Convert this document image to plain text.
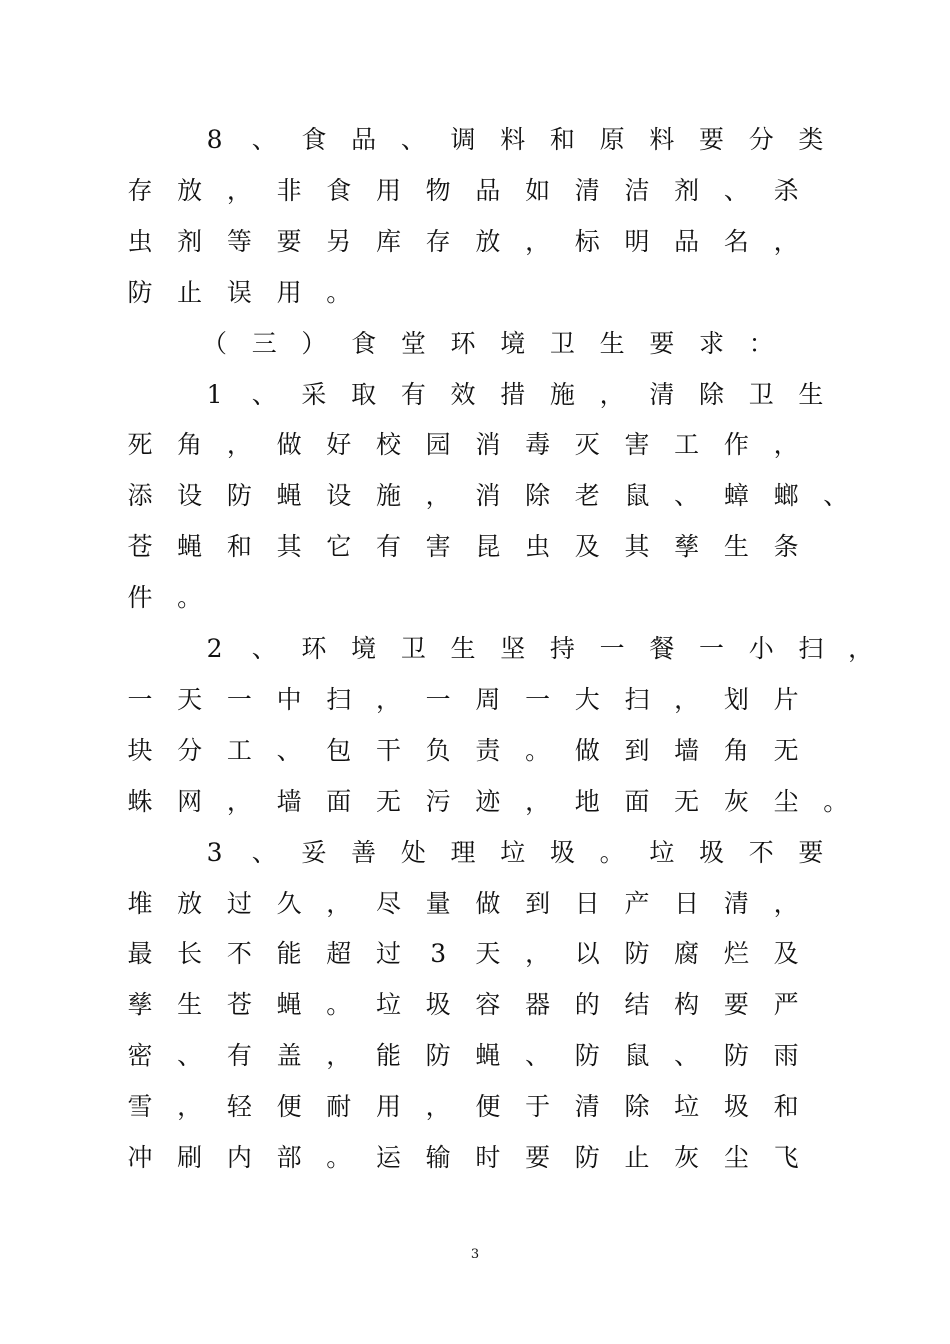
8	、 食 品 、 调 料 和 原 料 要 分 类
存 放 ， 非 食 用 物 品 如 清 洁 剂 、 杀
虫 剂 等 要 另 库 存 放 ， 标 明 品 名 ，
防 止 误 用 。
（ 三 ） 食 堂 环 境 卫 生 要 求 ：
1	、 采 取 有 效 措 施 ， 清 除 卫 生
死 角 ， 做 好 校 园 消 毒 灭 害 工 作 ，
添 设 防 蝇 设 施 ， 消 除 老 鼠 、 蟑 螂 、
苍 蝇 和 其 它 有 害 昆 虫 及 其 孳 生 条
件 。
2	、 环 境 卫 生 坚 持 一 餐 一 小 扫 ，
一 天 一 中 扫 ， 一 周 一 大 扫 ， 划 片
块 分 工 、 包 干 负 责 。 做 到 墙 角 无
蛛 网 ， 墙 面 无 污 迹 ， 地 面 无 灰 尘 。
3	、 妥 善 处 理 垃 圾 。 垃 圾 不 要
堆 放 过 久 ， 尽 量 做 到 日 产 日 清 ，
最 长 不 能 超 过	3	天 ， 以 防 腐 烂 及
孳 生 苍 蝇 。 垃 圾 容 器 的 结 构 要 严
密 、 有 盖 ， 能 防 蝇 、 防 鼠 、 防 雨
雪 ， 轻 便 耐 用 ， 便 于 清 除 垃 圾 和
冲 刷 内 部 。 运 输 时 要 防 止 灰 尘 飞
3
